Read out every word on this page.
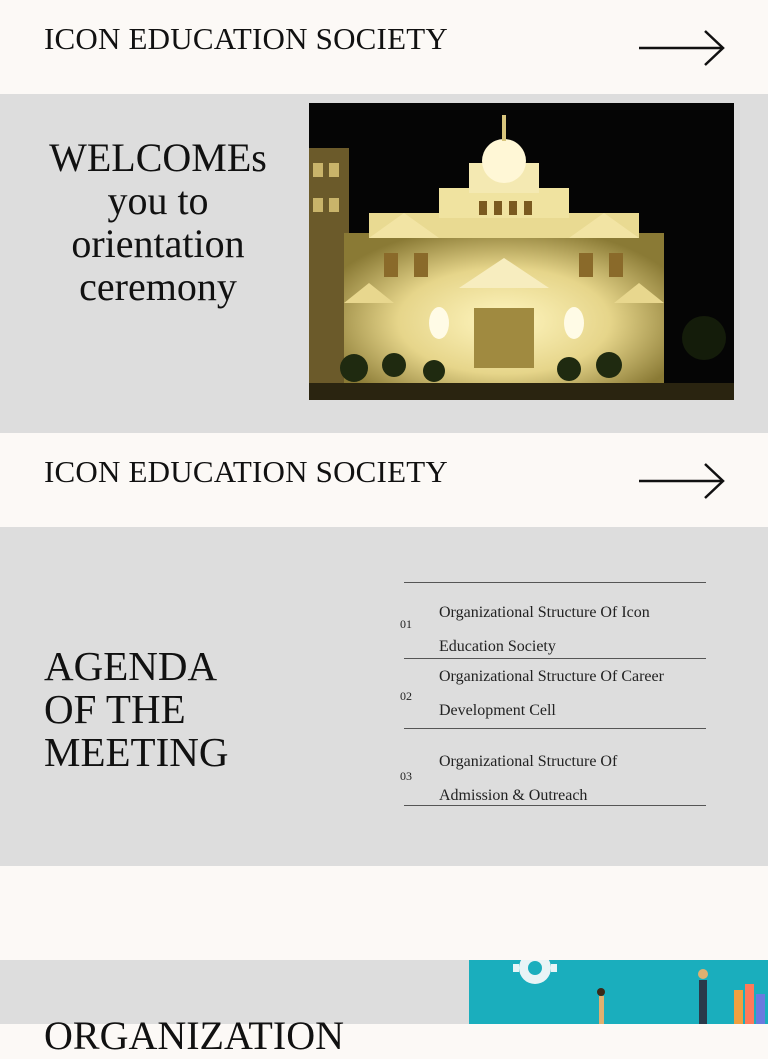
ICON EDUCATION SOCIETY
WELCOMEs
you to
orientation
ceremony
ICON EDUCATION SOCIETY
AGENDA
OF THE
MEETING
01
Organizational Structure Of Icon
Education Society
02
Organizational Structure Of Career
Development Cell
03
Organizational Structure Of
Admission & Outreach
ORGANIZATION
